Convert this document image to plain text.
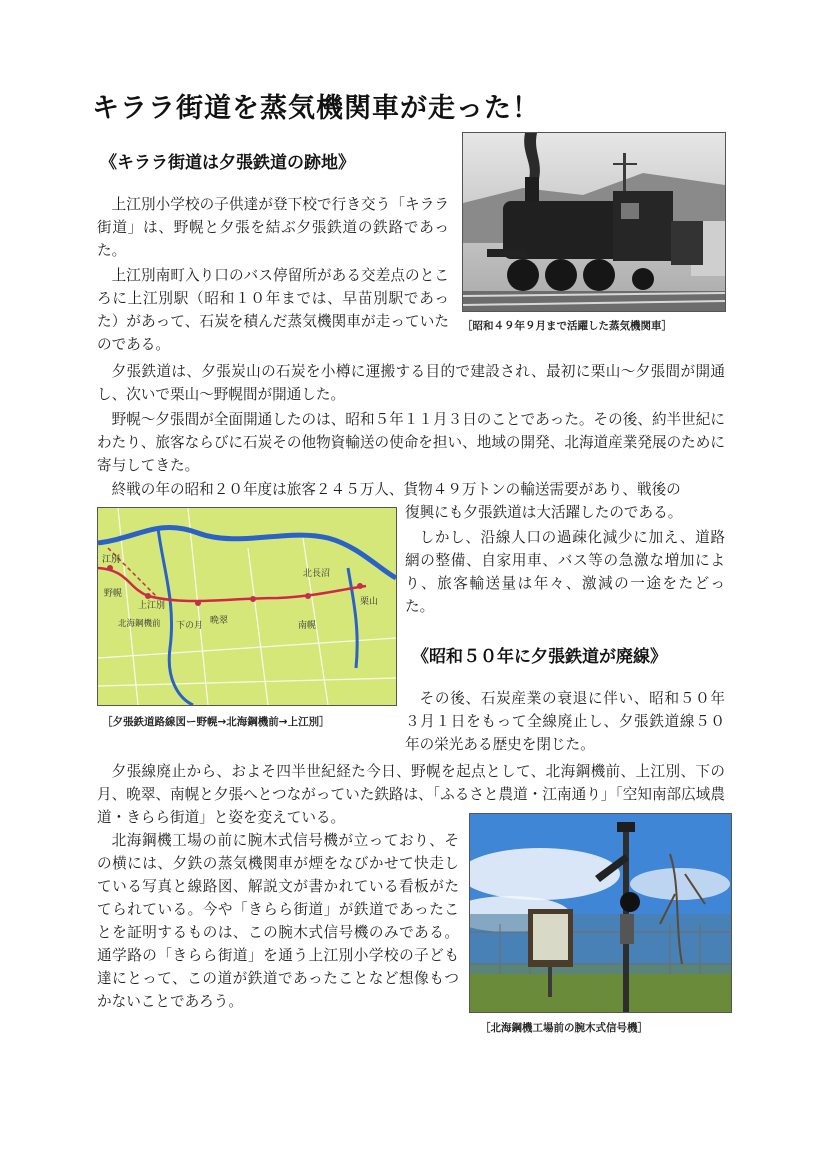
キララ街道を蒸気機関車が走った！
《キララ街道は夕張鉄道の跡地》

上江別小学校の子供達が登下校で行き交う「キララ街道」は、野幌と夕張を結ぶ夕張鉄道の鉄路であった。

上江別南町入り口のバス停留所がある交差点のところに上江別駅（昭和１０年までは、早苗別駅であった）があって、石炭を積んだ蒸気機関車が走っていたのである。

夕張鉄道は、夕張炭山の石炭を小樽に運搬する目的で建設され、最初に栗山〜夕張間が開通し、次いで栗山〜野幌間が開通した。

野幌〜夕張間が全面開通したのは、昭和５年１１月３日のことであった。その後、約半世紀にわたり、旅客ならびに石炭その他物資輸送の使命を担い、地域の開発、北海道産業発展のために寄与してきた。

終戦の年の昭和２０年度は旅客２４５万人、貨物４９万トンの輸送需要があり、戦後の

復興にも夕張鉄道は大活躍したのである。

しかし、沿線人口の過疎化減少に加え、道路網の整備、自家用車、バス等の急激な増加により、旅客輸送量は年々、激減の一途をたどった。

［昭和４９年９月まで活躍した蒸気機関車］
江別
野幌
北海鋼機前
上江別
下の月 晩翠	南幌
北長沼
栗山
［夕張鉄道路線図ー野幌→北海鋼機前→上江別］
《昭和５０年に夕張鉄道が廃線》

その後、石炭産業の衰退に伴い、昭和５０年３月１日をもって全線廃止し、夕張鉄道線５０年の栄光ある歴史を閉じた。

夕張線廃止から、およそ四半世紀経た今日、野幌を起点として、北海鋼機前、上江別、下の月、晩翠、南幌と夕張へとつながっていた鉄路は、「ふるさと農道・江南通り」「空知南部広域農道・きらら街道」と姿を変えている。

北海鋼機工場の前に腕木式信号機が立っており、その横には、夕鉄の蒸気機関車が煙をなびかせて快走している写真と線路図、解説文が書かれている看板がたてられている。今や「きらら街道」が鉄道であったことを証明するものは、この腕木式信号機のみである。通学路の「きらら街道」を通う上江別小学校の子ども達にとって、この道が鉄道であったことなど想像もつかないことであろう。

［北海鋼機工場前の腕木式信号機］
